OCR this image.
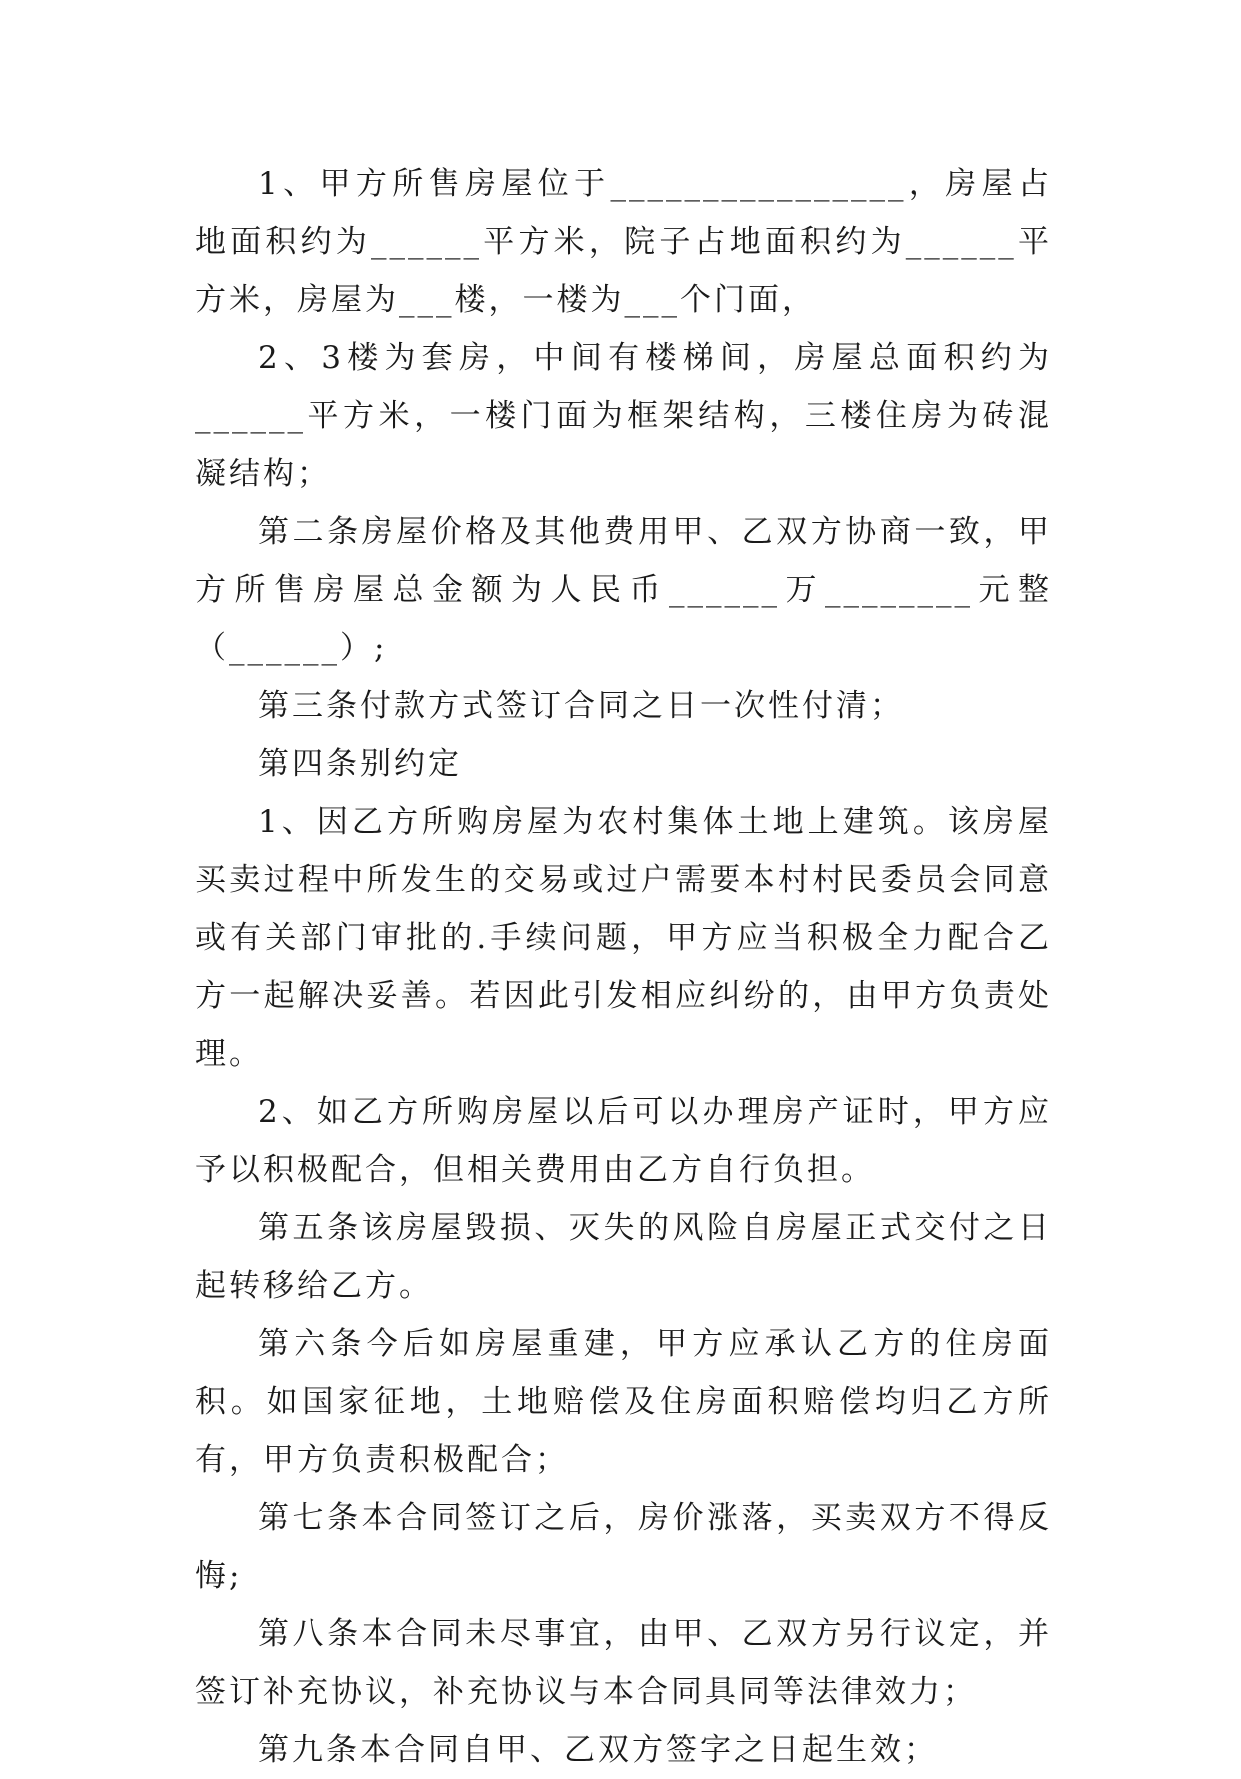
1、甲方所售房屋位于________________，房屋占地面积约为______平方米，院子占地面积约为______平方米，房屋为___楼，一楼为___个门面，

2、3楼为套房，中间有楼梯间，房屋总面积约为______平方米，一楼门面为框架结构，三楼住房为砖混凝结构；

第二条房屋价格及其他费用甲、乙双方协商一致，甲方所售房屋总金额为人民币______万________元整（______）;

第三条付款方式签订合同之日一次性付清；

第四条别约定

1、因乙方所购房屋为农村集体土地上建筑。该房屋买卖过程中所发生的交易或过户需要本村村民委员会同意或有关部门审批的.手续问题，甲方应当积极全力配合乙方一起解决妥善。若因此引发相应纠纷的，由甲方负责处理。

2、如乙方所购房屋以后可以办理房产证时，甲方应予以积极配合，但相关费用由乙方自行负担。

第五条该房屋毁损、灭失的风险自房屋正式交付之日起转移给乙方。

第六条今后如房屋重建，甲方应承认乙方的住房面积。如国家征地，土地赔偿及住房面积赔偿均归乙方所有，甲方负责积极配合；

第七条本合同签订之后，房价涨落，买卖双方不得反悔;

第八条本合同未尽事宜，由甲、乙双方另行议定，并签订补充协议，补充协议与本合同具同等法律效力；

第九条本合同自甲、乙双方签字之日起生效；
